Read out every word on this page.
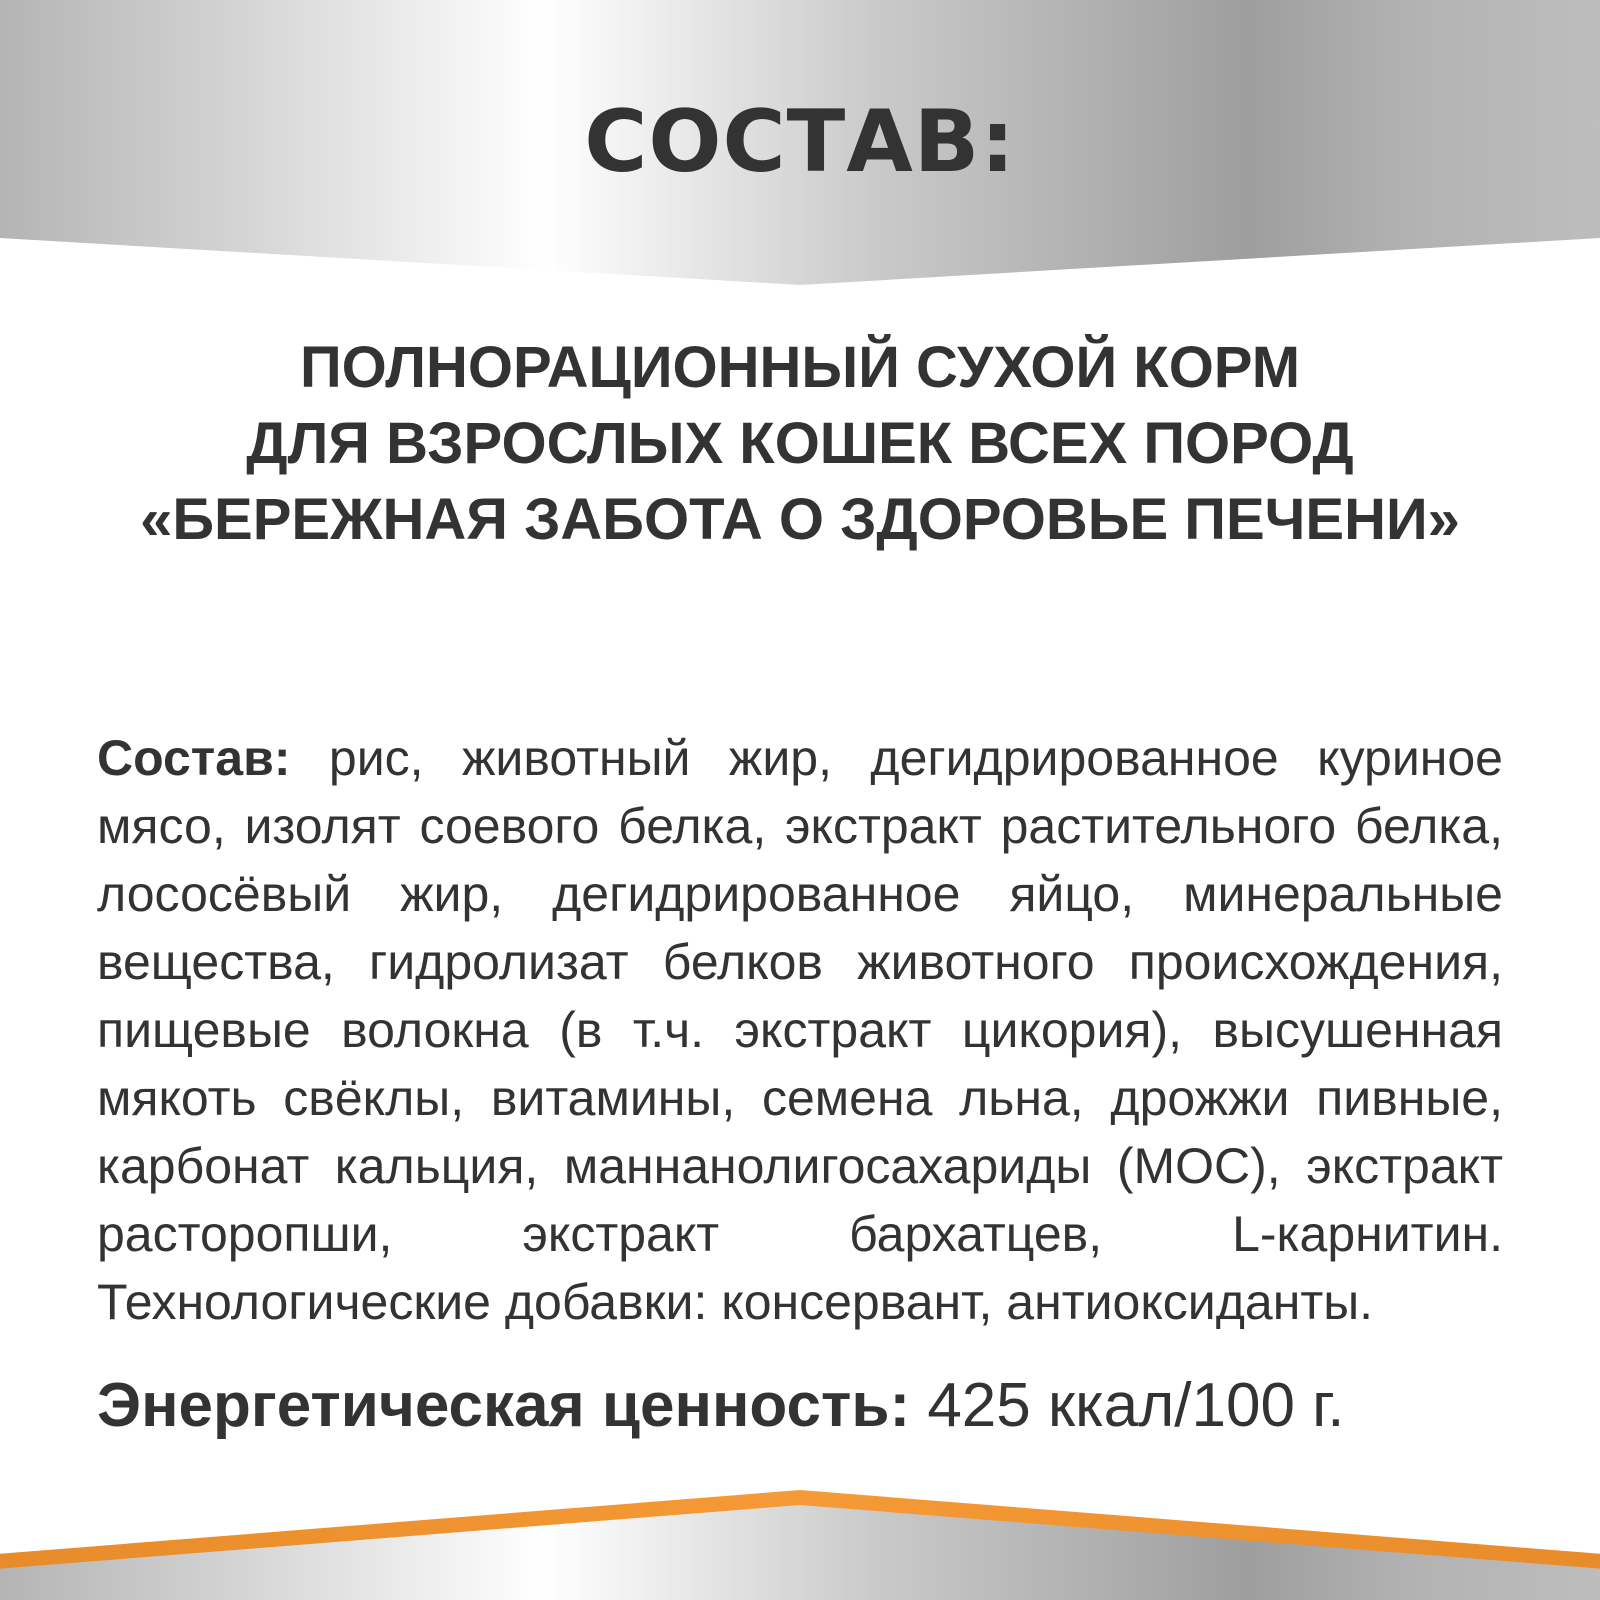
СОСТАВ:
ПОЛНОРАЦИОННЫЙ СУХОЙ КОРМ
ДЛЯ ВЗРОСЛЫХ КОШЕК ВСЕХ ПОРОД
«БЕРЕЖНАЯ ЗАБОТА О ЗДОРОВЬЕ ПЕЧЕНИ»
Состав: рис, животный жир, дегидрированное куриное мясо, изолят соевого белка, экстракт растительного белка, лососёвый жир, дегидрированное яйцо, минеральные вещества, гидролизат белков животного происхождения, пищевые волокна (в т.ч. экстракт цикория), высушенная мякоть свёклы, витамины, семена льна, дрожжи пивные, карбонат кальция, маннанолигосахариды (МОС), экстракт расторопши, экстракт бархатцев, L-карнитин. Технологические добавки: консервант, антиоксиданты.
Энергетическая ценность: 425 ккал/100 г.
